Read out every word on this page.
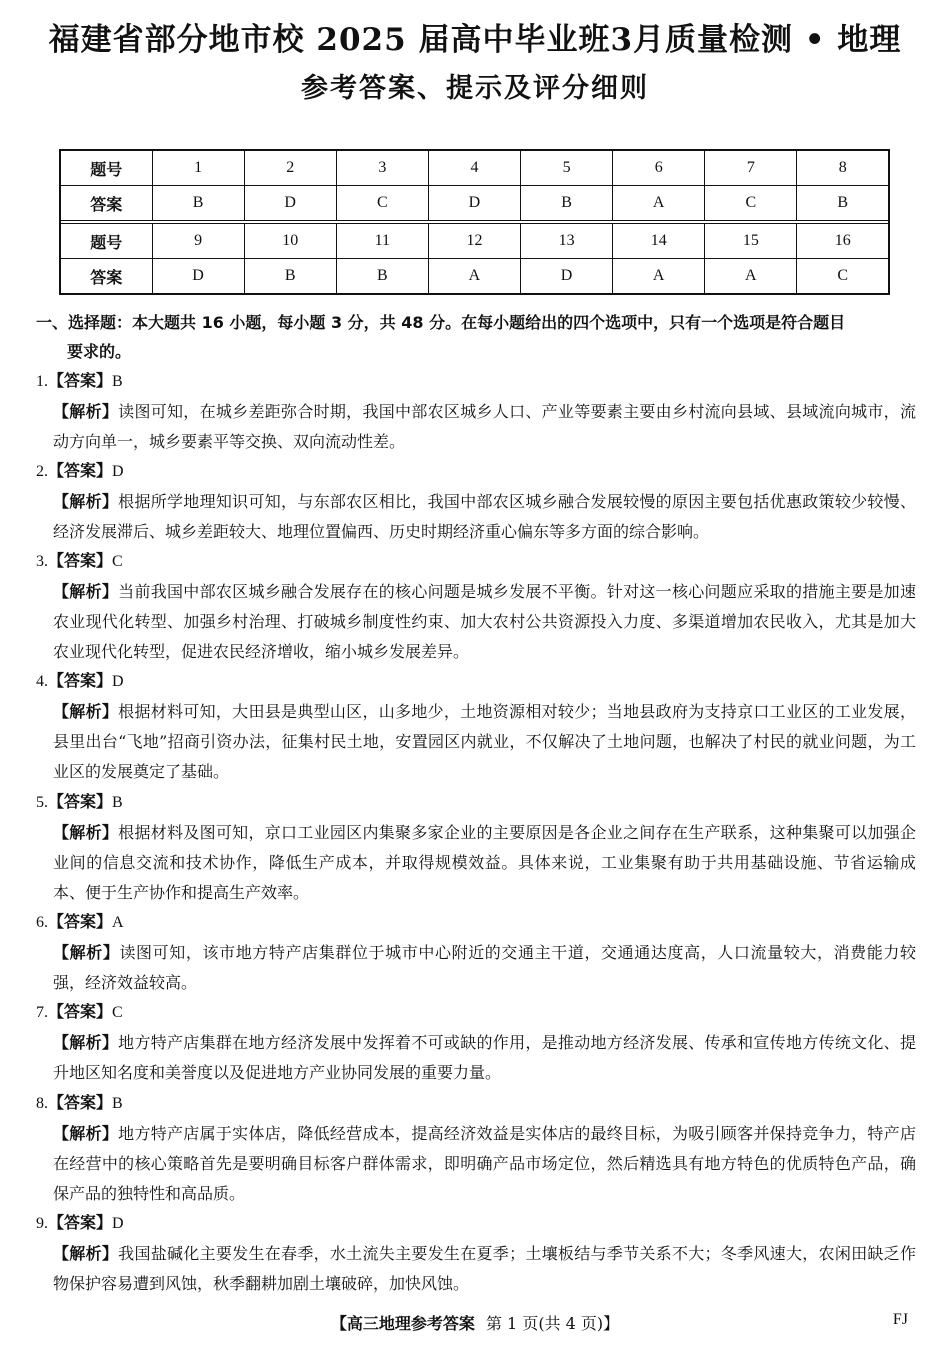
福建省部分地市校 2025 届高中毕业班3月质量检测 • 地理
参考答案、提示及评分细则
题号	1	2	3	4	5	6	7	8
答案	B	D	C	D	B	A	C	B

题号	9	10	11	12	13	14	15	16
答案	D	B	B	A	D	A	A	C
一、选择题：本大题共 16 小题，每小题 3 分，共 48 分。在每小题给出的四个选项中，只有一个选项是符合题目
要求的。
1.【答案】B
【解析】读图可知，在城乡差距弥合时期，我国中部农区城乡人口、产业等要素主要由乡村流向县域、县域流向城市，流动方向单一，城乡要素平等交换、双向流动性差。
2.【答案】D
【解析】根据所学地理知识可知，与东部农区相比，我国中部农区城乡融合发展较慢的原因主要包括优惠政策较少较慢、经济发展滞后、城乡差距较大、地理位置偏西、历史时期经济重心偏东等多方面的综合影响。
3.【答案】C
【解析】当前我国中部农区城乡融合发展存在的核心问题是城乡发展不平衡。针对这一核心问题应采取的措施主要是加速农业现代化转型、加强乡村治理、打破城乡制度性约束、加大农村公共资源投入力度、多渠道增加农民收入，尤其是加大农业现代化转型，促进农民经济增收，缩小城乡发展差异。
4.【答案】D
【解析】根据材料可知，大田县是典型山区，山多地少，土地资源相对较少；当地县政府为支持京口工业区的工业发展，县里出台“飞地”招商引资办法，征集村民土地，安置园区内就业，不仅解决了土地问题，也解决了村民的就业问题，为工业区的发展奠定了基础。
5.【答案】B
【解析】根据材料及图可知，京口工业园区内集聚多家企业的主要原因是各企业之间存在生产联系，这种集聚可以加强企业间的信息交流和技术协作，降低生产成本，并取得规模效益。具体来说，工业集聚有助于共用基础设施、节省运输成本、便于生产协作和提高生产效率。
6.【答案】A
【解析】读图可知，该市地方特产店集群位于城市中心附近的交通主干道，交通通达度高，人口流量较大，消费能力较强，经济效益较高。
7.【答案】C
【解析】地方特产店集群在地方经济发展中发挥着不可或缺的作用，是推动地方经济发展、传承和宣传地方传统文化、提升地区知名度和美誉度以及促进地方产业协同发展的重要力量。
8.【答案】B
【解析】地方特产店属于实体店，降低经营成本，提高经济效益是实体店的最终目标，为吸引顾客并保持竞争力，特产店在经营中的核心策略首先是要明确目标客户群体需求，即明确产品市场定位，然后精选具有地方特色的优质特色产品，确保产品的独特性和高品质。
9.【答案】D
【解析】我国盐碱化主要发生在春季，水土流失主要发生在夏季；土壤板结与季节关系不大；冬季风速大，农闲田缺乏作物保护容易遭到风蚀，秋季翻耕加剧土壤破碎，加快风蚀。
【高三地理参考答案 第 1 页(共 4 页)】	FJ
